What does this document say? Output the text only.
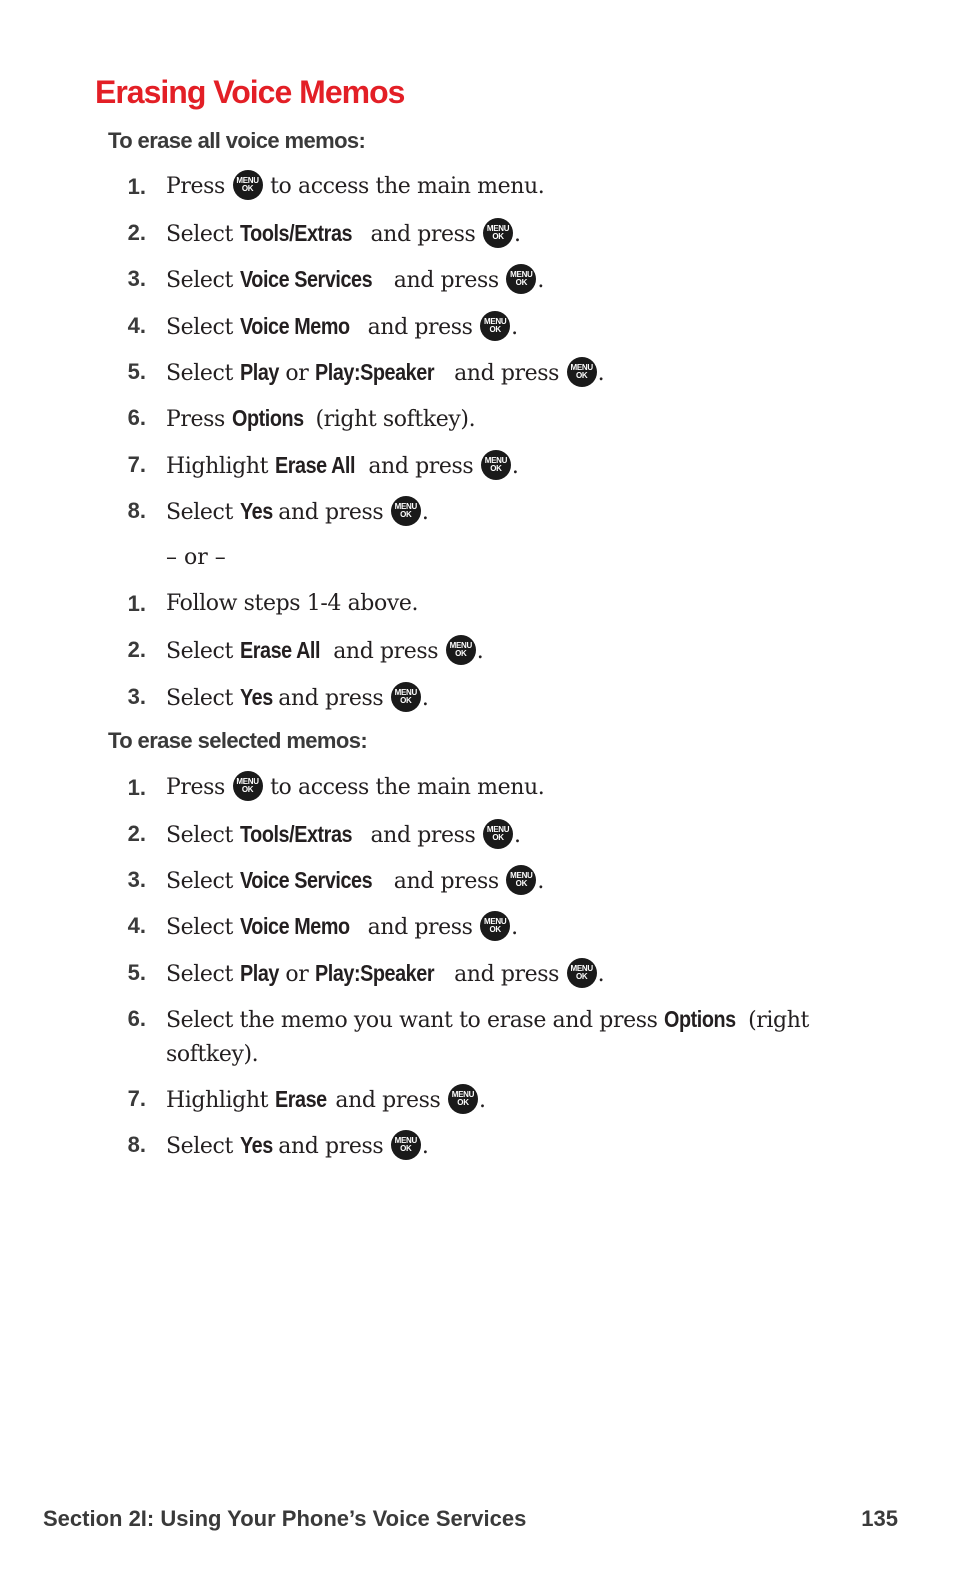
Erasing Voice Memos
To erase all voice memos:
1. Press MENU
OK to access the main menu.
2. Select Tools/Extras and press MENU
OK .
3. Select Voice Services and press MENU
OK .
4. Select Voice Memo and press MENU
OK .
5. Select Play or Play:Speaker and press MENU
OK .
6. Press Options (right softkey).
7. Highlight Erase All and press MENU
OK .
8. Select Yes and press MENU
OK .
– or –
1. Follow steps 1-4 above.
2. Select Erase All and press MENU
OK .
3. Select Yes and press MENU
OK .
To erase selected memos:
1. Press MENU
OK to access the main menu.
2. Select Tools/Extras and press MENU
OK .
3. Select Voice Services and press MENU
OK .
4. Select Voice Memo and press MENU
OK .
5. Select Play or Play:Speaker and press MENU
OK .
6. Select the memo you want to erase and press Options (right
softkey).
7. Highlight Erase and press MENU
OK .
8. Select Yes and press MENU
OK .

Section 2I: Using Your Phone’s Voice Services	135
